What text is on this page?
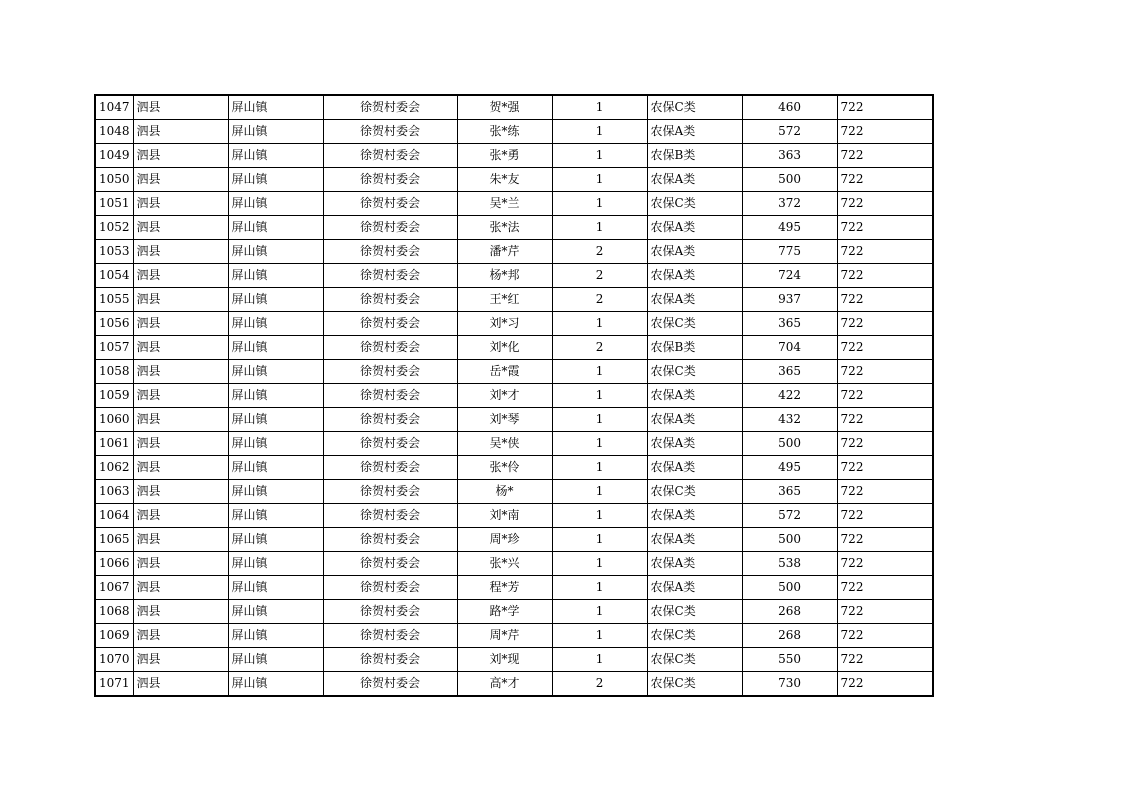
1047	泗县	屏山镇	徐贺村委会	贺*强	1	农保C类	460	722
1048	泗县	屏山镇	徐贺村委会	张*练	1	农保A类	572	722
1049	泗县	屏山镇	徐贺村委会	张*勇	1	农保B类	363	722
1050	泗县	屏山镇	徐贺村委会	朱*友	1	农保A类	500	722
1051	泗县	屏山镇	徐贺村委会	吴*兰	1	农保C类	372	722
1052	泗县	屏山镇	徐贺村委会	张*法	1	农保A类	495	722
1053	泗县	屏山镇	徐贺村委会	潘*芹	2	农保A类	775	722
1054	泗县	屏山镇	徐贺村委会	杨*邦	2	农保A类	724	722
1055	泗县	屏山镇	徐贺村委会	王*红	2	农保A类	937	722
1056	泗县	屏山镇	徐贺村委会	刘*习	1	农保C类	365	722
1057	泗县	屏山镇	徐贺村委会	刘*化	2	农保B类	704	722
1058	泗县	屏山镇	徐贺村委会	岳*霞	1	农保C类	365	722
1059	泗县	屏山镇	徐贺村委会	刘*才	1	农保A类	422	722
1060	泗县	屏山镇	徐贺村委会	刘*琴	1	农保A类	432	722
1061	泗县	屏山镇	徐贺村委会	吴*侠	1	农保A类	500	722
1062	泗县	屏山镇	徐贺村委会	张*伶	1	农保A类	495	722
1063	泗县	屏山镇	徐贺村委会	杨*	1	农保C类	365	722
1064	泗县	屏山镇	徐贺村委会	刘*南	1	农保A类	572	722
1065	泗县	屏山镇	徐贺村委会	周*珍	1	农保A类	500	722
1066	泗县	屏山镇	徐贺村委会	张*兴	1	农保A类	538	722
1067	泗县	屏山镇	徐贺村委会	程*芳	1	农保A类	500	722
1068	泗县	屏山镇	徐贺村委会	路*学	1	农保C类	268	722
1069	泗县	屏山镇	徐贺村委会	周*芹	1	农保C类	268	722
1070	泗县	屏山镇	徐贺村委会	刘*现	1	农保C类	550	722
1071	泗县	屏山镇	徐贺村委会	高*才	2	农保C类	730	722
